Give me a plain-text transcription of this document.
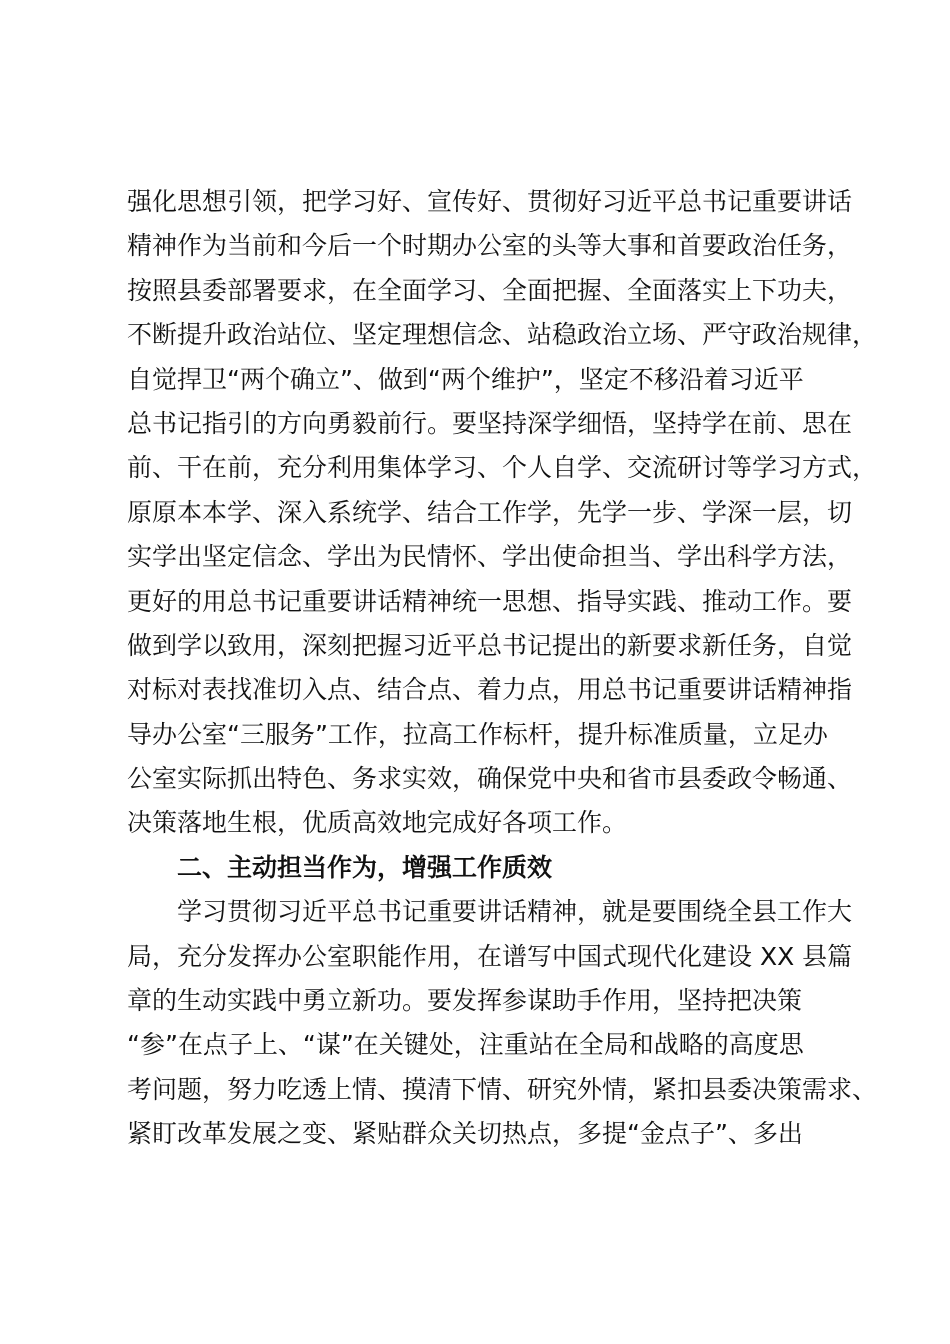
强化思想引领，把学习好、宣传好、贯彻好习近平总书记重要讲话
精神作为当前和今后一个时期办公室的头等大事和首要政治任务，
按照县委部署要求，在全面学习、全面把握、全面落实上下功夫，
不断提升政治站位、坚定理想信念、站稳政治立场、严守政治规律，
自觉捍卫“两个确立”、做到“两个维护”，坚定不移沿着习近平
总书记指引的方向勇毅前行。要坚持深学细悟，坚持学在前、思在
前、干在前，充分利用集体学习、个人自学、交流研讨等学习方式，
原原本本学、深入系统学、结合工作学，先学一步、学深一层，切
实学出坚定信念、学出为民情怀、学出使命担当、学出科学方法，
更好的用总书记重要讲话精神统一思想、指导实践、推动工作。要
做到学以致用，深刻把握习近平总书记提出的新要求新任务，自觉
对标对表找准切入点、结合点、着力点，用总书记重要讲话精神指
导办公室“三服务”工作，拉高工作标杆，提升标准质量，立足办
公室实际抓出特色、务求实效，确保党中央和省市县委政令畅通、
决策落地生根，优质高效地完成好各项工作。
二、主动担当作为，增强工作质效
学习贯彻习近平总书记重要讲话精神，就是要围绕全县工作大
局，充分发挥办公室职能作用，在谱写中国式现代化建设 XX 县篇
章的生动实践中勇立新功。要发挥参谋助手作用，坚持把决策
“参”在点子上、“谋”在关键处，注重站在全局和战略的高度思
考问题，努力吃透上情、摸清下情、研究外情，紧扣县委决策需求、
紧盯改革发展之变、紧贴群众关切热点，多提“金点子”、多出
